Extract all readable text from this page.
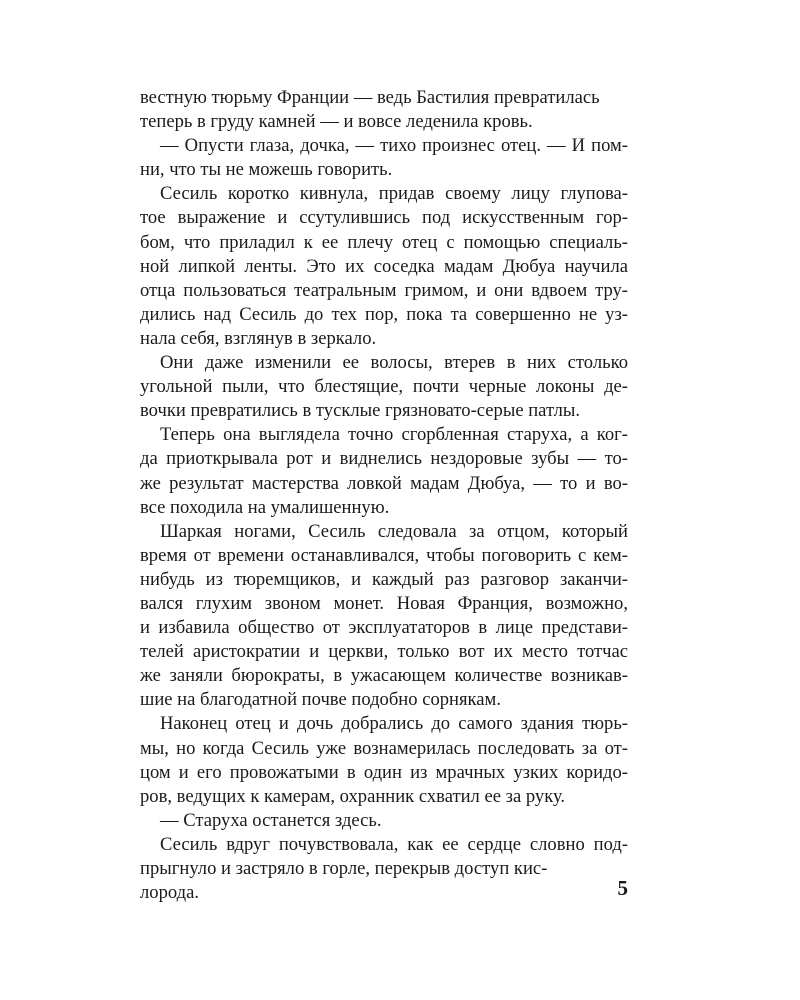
вестную тюрьму Франции — ведь Бастилия превратилась
теперь в груду камней — и вовсе леденила кровь.
— Опусти глаза, дочка, — тихо произнес отец. — И пом-
ни, что ты не можешь говорить.
Сесиль коротко кивнула, придав своему лицу глупова-
тое выражение и ссутулившись под искусственным гор-
бом, что приладил к ее плечу отец с помощью специаль-
ной липкой ленты. Это их соседка мадам Дюбуа научила
отца пользоваться театральным гримом, и они вдвоем тру-
дились над Сесиль до тех пор, пока та совершенно не уз-
нала себя, взглянув в зеркало.
Они даже изменили ее волосы, втерев в них столько
угольной пыли, что блестящие, почти черные локоны де-
вочки превратились в тусклые грязновато-серые патлы.
Теперь она выглядела точно сгорбленная старуха, а ког-
да приоткрывала рот и виднелись нездоровые зубы — то-
же результат мастерства ловкой мадам Дюбуа, — то и во-
все походила на умалишенную.
Шаркая ногами, Сесиль следовала за отцом, который
время от времени останавливался, чтобы поговорить с кем-
нибудь из тюремщиков, и каждый раз разговор заканчи-
вался глухим звоном монет. Новая Франция, возможно,
и избавила общество от эксплуататоров в лице представи-
телей аристократии и церкви, только вот их место тотчас
же заняли бюрократы, в ужасающем количестве возникав-
шие на благодатной почве подобно сорнякам.
Наконец отец и дочь добрались до самого здания тюрь-
мы, но когда Сесиль уже вознамерилась последовать за от-
цом и его провожатыми в один из мрачных узких коридо-
ров, ведущих к камерам, охранник схватил ее за руку.
— Старуха останется здесь.
Сесиль вдруг почувствовала, как ее сердце словно под-
прыгнуло и застряло в горле, перекрыв доступ кис-
лорода.	5
